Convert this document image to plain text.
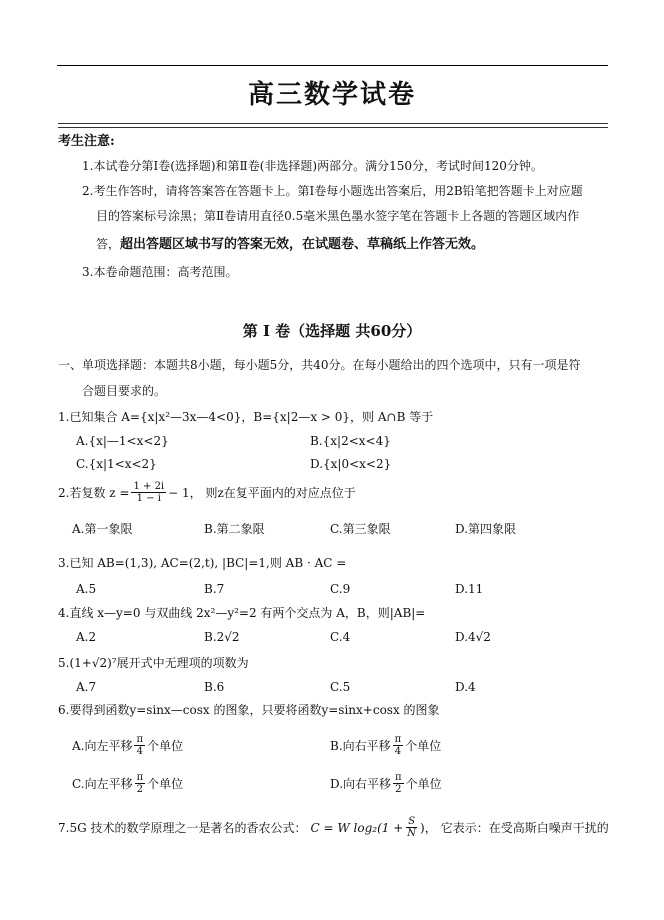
高三数学试卷
考生注意:
1.本试卷分第Ⅰ卷(选择题)和第Ⅱ卷(非选择题)两部分。满分150分，考试时间120分钟。
2.考生作答时，请将答案答在答题卡上。第Ⅰ卷每小题选出答案后，用2B铅笔把答题卡上对应题
目的答案标号涂黑；第Ⅱ卷请用直径0.5毫米黑色墨水签字笔在答题卡上各题的答题区域内作
答，超出答题区域书写的答案无效，在试题卷、草稿纸上作答无效。
3.本卷命题范围：高考范围。
第 Ⅰ 卷（选择题 共60分）
一、单项选择题：本题共8小题，每小题5分，共40分。在每小题给出的四个选项中，只有一项是符
合题目要求的。
1.已知集合 A={x|x²—3x—4<0}，B={x|2—x > 0}，则 A∩B 等于
A.{x|—1<x<2}	B.{x|2<x<4}
C.{x|1<x<2}	D.{x|0<x<2}
2.若复数 $z = \frac{1 + 2i}{1 - i} - 1$， 则z在复平面内的对应点位于
A.第一象限	B.第二象限	C.第三象限	D.第四象限
3.已知 AB=(1,3), AC=(2,t), |BC|=1,则 AB · AC =
A.5	B.7	C.9	D.11
4.直线 x—y=0 与双曲线 2x²—y²=2 有两个交点为 A，B，则|AB|=
A.2	B.2√2	C.4	D.4√2
5.(1+√2)⁷展开式中无理项的项数为
A.7	B.6	C.5	D.4
6.要得到函数y=sinx—cosx 的图象，只要将函数y=sinx+cosx 的图象
A.向左平移 $\frac{\pi}{4}$ 个单位	B.向右平移 $\frac{\pi}{4}$ 个单位
C.向左平移 $\frac{\pi}{2}$ 个单位	D.向右平移 $\frac{\pi}{2}$ 个单位
7.5G 技术的数学原理之一是著名的香农公式： C = W $\log_2(1 + \frac{S}{N}$ )， 它表示：在受高斯白噪声干扰的
